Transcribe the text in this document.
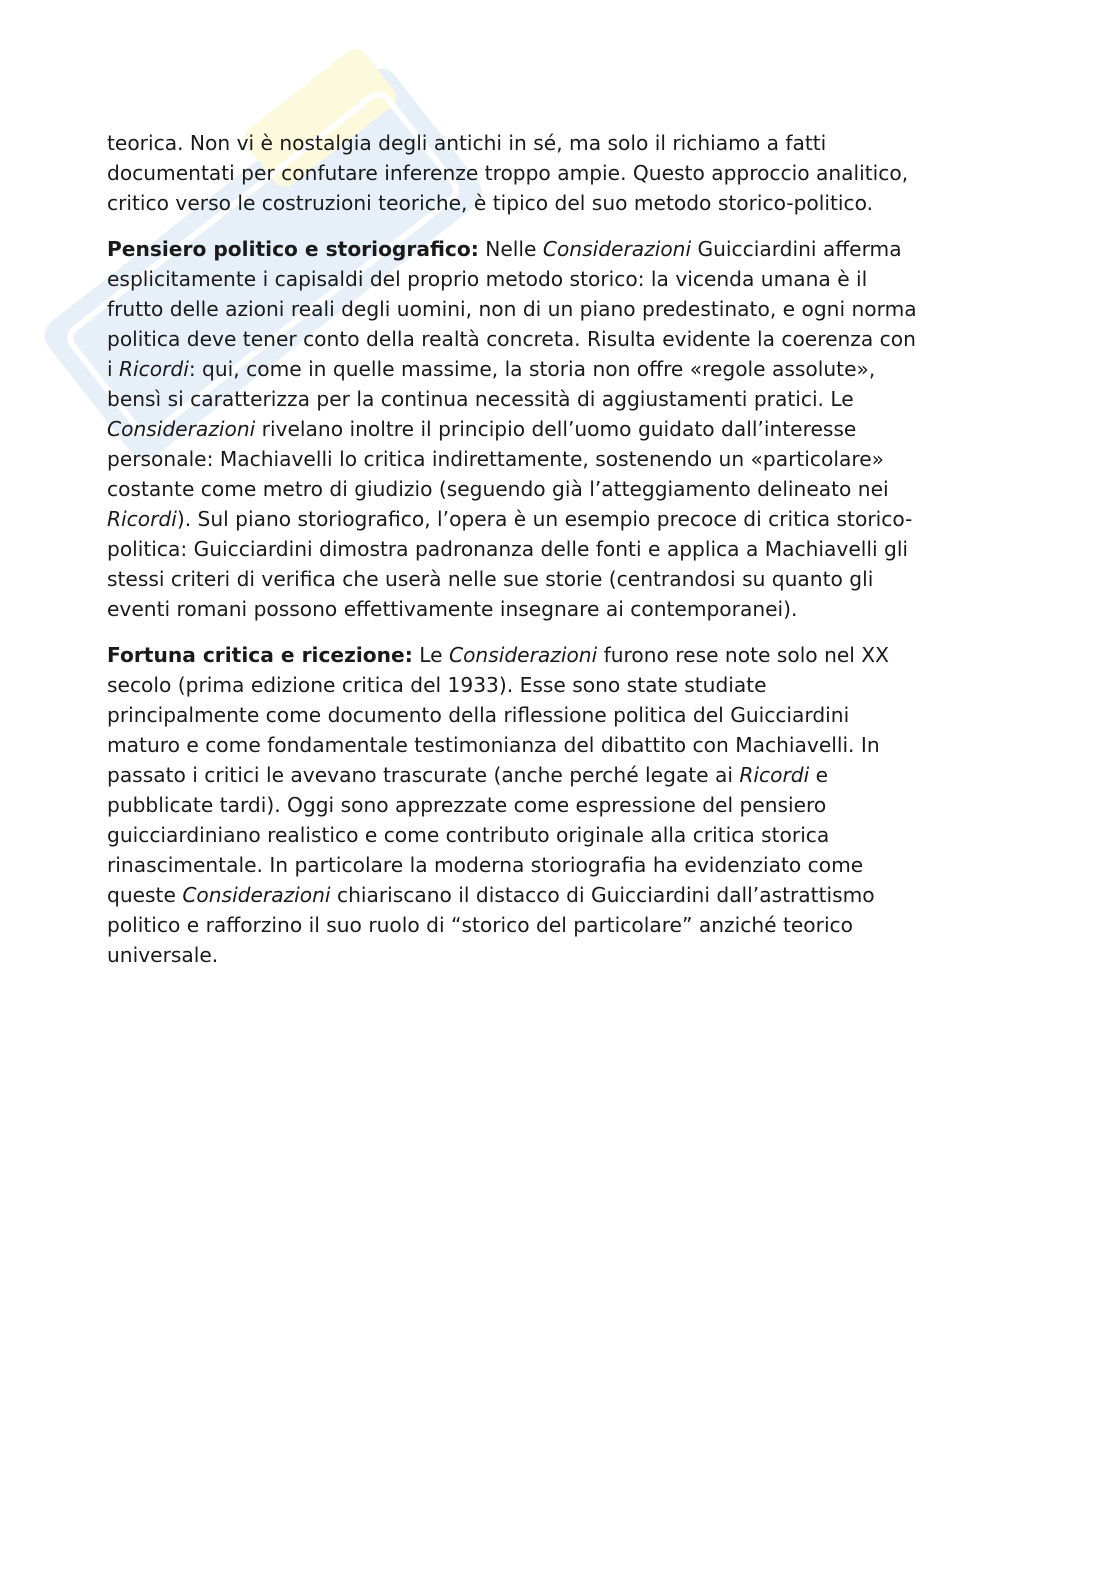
teorica. Non vi è nostalgia degli antichi in sé, ma solo il richiamo a fatti
documentati per confutare inferenze troppo ampie. Questo approccio analitico,
critico verso le costruzioni teoriche, è tipico del suo metodo storico-politico.

Pensiero politico e storiografico: Nelle Considerazioni Guicciardini afferma
esplicitamente i capisaldi del proprio metodo storico: la vicenda umana è il
frutto delle azioni reali degli uomini, non di un piano predestinato, e ogni norma
politica deve tener conto della realtà concreta. Risulta evidente la coerenza con
i Ricordi: qui, come in quelle massime, la storia non offre «regole assolute»,
bensì si caratterizza per la continua necessità di aggiustamenti pratici. Le
Considerazioni rivelano inoltre il principio dell’uomo guidato dall’interesse
personale: Machiavelli lo critica indirettamente, sostenendo un «particolare»
costante come metro di giudizio (seguendo già l’atteggiamento delineato nei
Ricordi). Sul piano storiografico, l’opera è un esempio precoce di critica storico-
politica: Guicciardini dimostra padronanza delle fonti e applica a Machiavelli gli
stessi criteri di verifica che userà nelle sue storie (centrandosi su quanto gli
eventi romani possono effettivamente insegnare ai contemporanei).

Fortuna critica e ricezione: Le Considerazioni furono rese note solo nel XX
secolo (prima edizione critica del 1933). Esse sono state studiate
principalmente come documento della riflessione politica del Guicciardini
maturo e come fondamentale testimonianza del dibattito con Machiavelli. In
passato i critici le avevano trascurate (anche perché legate ai Ricordi e
pubblicate tardi). Oggi sono apprezzate come espressione del pensiero
guicciardiniano realistico e come contributo originale alla critica storica
rinascimentale. In particolare la moderna storiografia ha evidenziato come
queste Considerazioni chiariscano il distacco di Guicciardini dall’astrattismo
politico e rafforzino il suo ruolo di “storico del particolare” anziché teorico
universale.
